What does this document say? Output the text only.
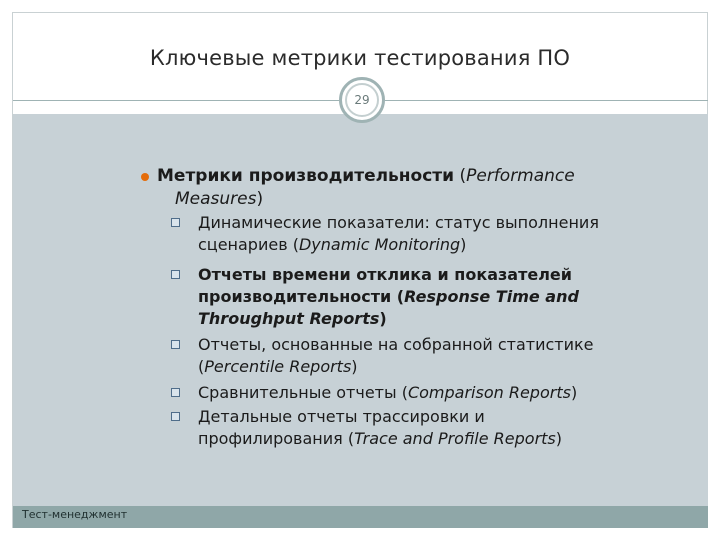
Тест-менеджмент
Ключевые метрики тестирования ПО
29
Метрики производительности (Performance
Measures)
Динамические показатели: статус выполнения
сценариев (Dynamic Monitoring)
Отчеты времени отклика и показателей
производительности (Response Time and
Throughput Reports)
Отчеты, основанные на собранной статистике
(Percentile Reports)
Сравнительные отчеты (Comparison Reports)
Детальные отчеты трассировки и
профилирования (Trace and Profile Reports)
